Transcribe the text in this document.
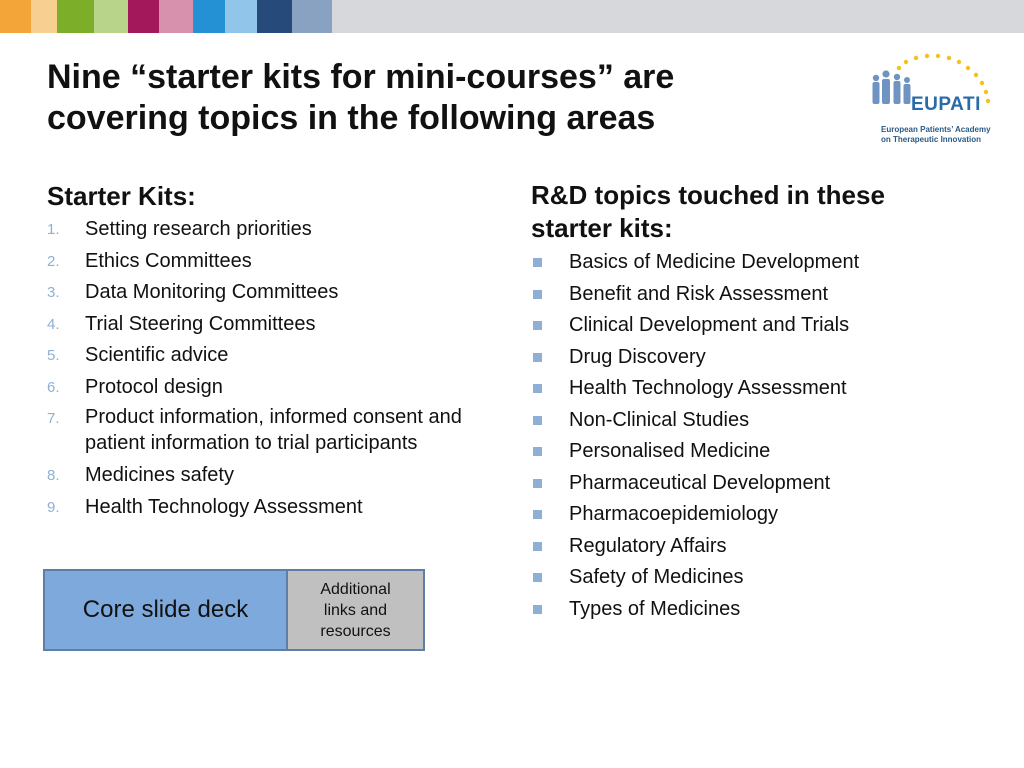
Nine “starter kits for mini-courses” are
covering topics in the following areas	EUPATI
European Patients’ Academy
on Therapeutic Innovation
Starter Kits:
1. Setting research priorities
2. Ethics Committees
3. Data Monitoring Committees
4. Trial Steering Committees
5. Scientific advice
6. Protocol design
7. Product information, informed consent and patient information to trial participants
8. Medicines safety
9. Health Technology Assessment
R&D topics touched in these
starter kits:
Basics of Medicine Development
Benefit and Risk Assessment
Clinical Development and Trials
Drug Discovery
Health Technology Assessment
Non-Clinical Studies
Personalised Medicine
Pharmaceutical Development
Pharmacoepidemiology
Regulatory Affairs
Safety of Medicines
Types of Medicines
Core slide deck
Additional
links and
resources
